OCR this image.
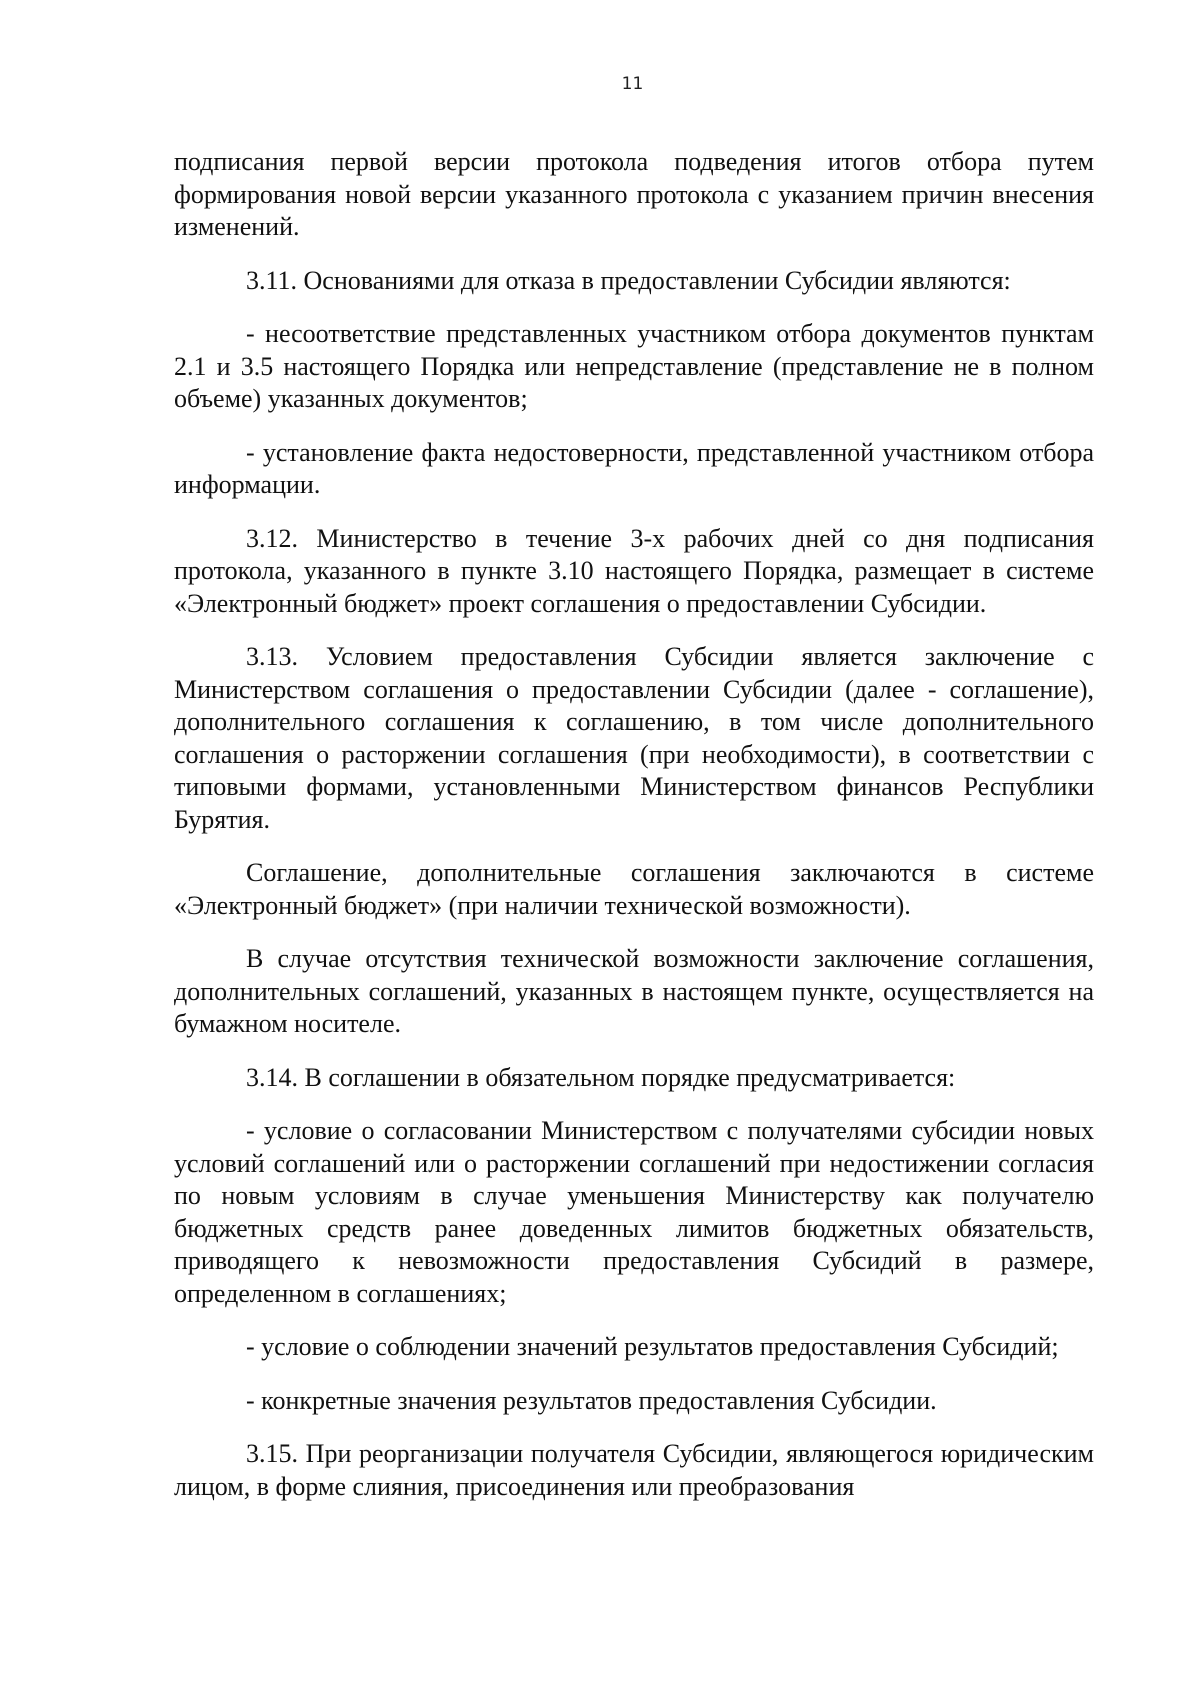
11

подписания первой версии протокола подведения итогов отбора путем формирования новой версии указанного протокола с указанием причин внесения изменений.

3.11. Основаниями для отказа в предоставлении Субсидии являются:

- несоответствие представленных участником отбора документов пунктам 2.1 и 3.5 настоящего Порядка или непредставление (представление не в полном объеме) указанных документов;

- установление факта недостоверности, представленной участником отбора информации.

3.12. Министерство в течение 3-х рабочих дней со дня подписания протокола, указанного в пункте 3.10 настоящего Порядка, размещает в системе «Электронный бюджет» проект соглашения о предоставлении Субсидии.

3.13. Условием предоставления Субсидии является заключение с Министерством соглашения о предоставлении Субсидии (далее - соглашение), дополнительного соглашения к соглашению, в том числе дополнительного соглашения о расторжении соглашения (при необходимости), в соответствии с типовыми формами, установленными Министерством финансов Республики Бурятия.

Соглашение, дополнительные соглашения заключаются в системе «Электронный бюджет» (при наличии технической возможности).

В случае отсутствия технической возможности заключение соглашения, дополнительных соглашений, указанных в настоящем пункте, осуществляется на бумажном носителе.

3.14. В соглашении в обязательном порядке предусматривается:

- условие о согласовании Министерством с получателями субсидии новых условий соглашений или о расторжении соглашений при недостижении согласия по новым условиям в случае уменьшения Министерству как получателю бюджетных средств ранее доведенных лимитов бюджетных обязательств, приводящего к невозможности предоставления Субсидий в размере, определенном в соглашениях;

- условие о соблюдении значений результатов предоставления Субсидий;

- конкретные значения результатов предоставления Субсидии.

3.15. При реорганизации получателя Субсидии, являющегося юридическим лицом, в форме слияния, присоединения или преобразования
